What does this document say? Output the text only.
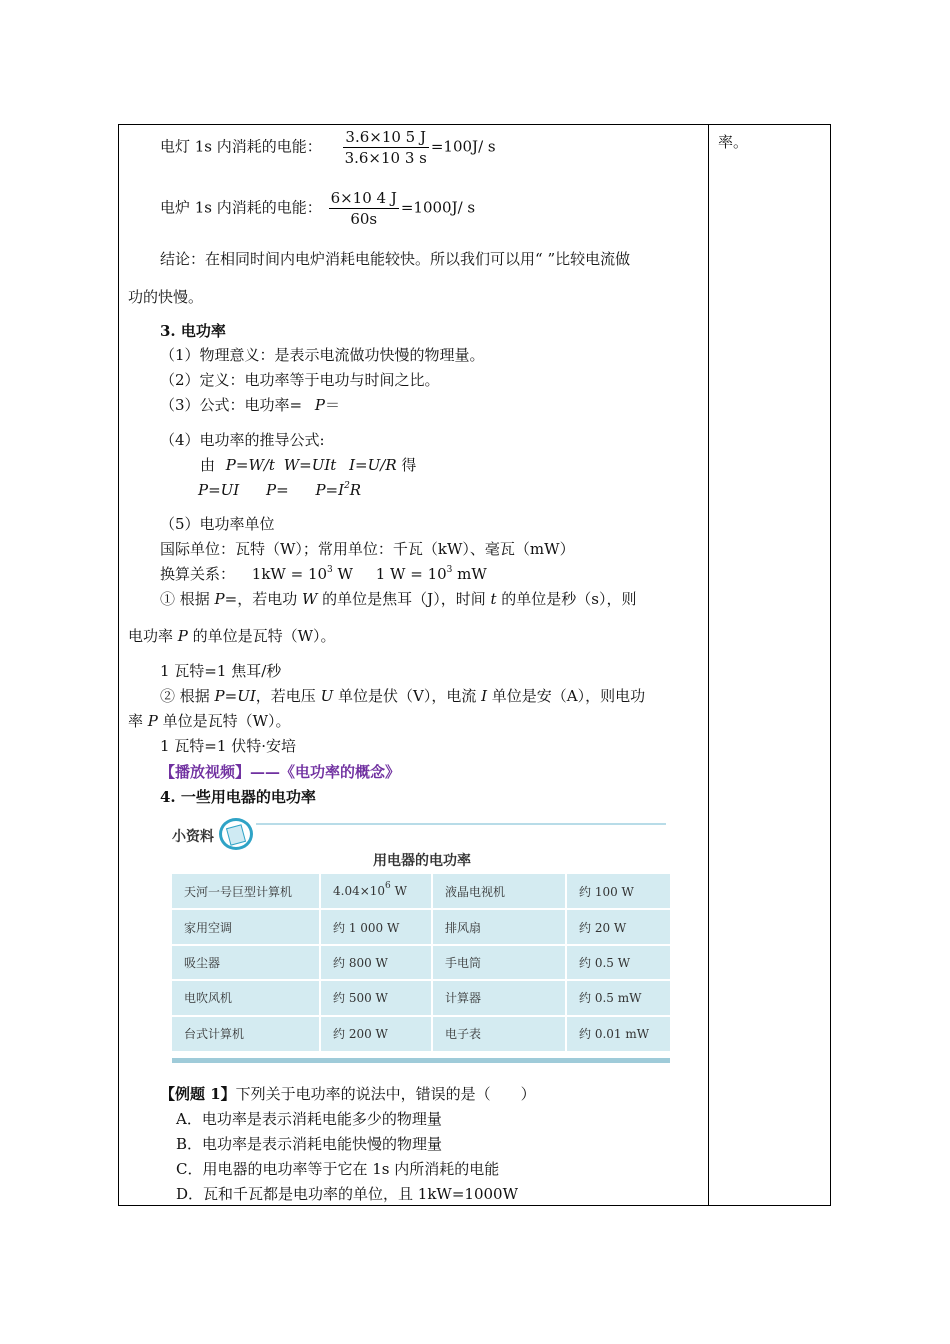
率。
电灯 1s 内消耗的电能： $\frac{3.6\times 10 5 J}{3.6\times 10 3 s} =100J/$ s
电炉 1s 内消耗的电能： $\frac{6\times 10 4 J}{60s} =1000J/$ s
结论：在相同时间内电炉消耗电能较快。所以我们可以用“ ”比较电流做
功的快慢。
3. 电功率
（1）物理意义：是表示电流做功快慢的物理量。
（2）定义：电功率等于电功与时间之比。
（3）公式：电功率= P＝
（4）电功率的推导公式:
由 P=W/t W=UIt I=U/R 得
P=UI $P= P=I^2R$
（5）电功率单位
国际单位：瓦特（W）；常用单位：千瓦（kW）、毫瓦（mW）
换算关系： $1kW = 10^3$ W 1 $W = 10^3$ mW
① 根据 P=，若电功 W 的单位是焦耳（J），时间 t 的单位是秒（s），则
电功率 P 的单位是瓦特（W）。
1 瓦特=1 焦耳/秒
② 根据 P=UI，若电压 U 单位是伏（V），电流 I 单位是安（A），则电功
率 P 单位是瓦特（W）。
1 瓦特=1 伏特·安培
【播放视频】——《电功率的概念》
4. 一些用电器的电功率
小资料
用电器的电功率
天河一号巨型计算机	$4.04\times 10^6$ W	液晶电视机	约 100 W
家用空调	约 1 000 W	排风扇	约 20 W
吸尘器	约 800 W	手电筒	约 0.5 W
电吹风机	约 500 W	计算器	约 0.5 mW
台式计算机	约 200 W	电子表	约 0.01 mW
【例题 1】下列关于电功率的说法中，错误的是（　　）
A．电功率是表示消耗电能多少的物理量
B．电功率是表示消耗电能快慢的物理量
C．用电器的电功率等于它在 1s 内所消耗的电能
D．瓦和千瓦都是电功率的单位，且 1kW=1000W
